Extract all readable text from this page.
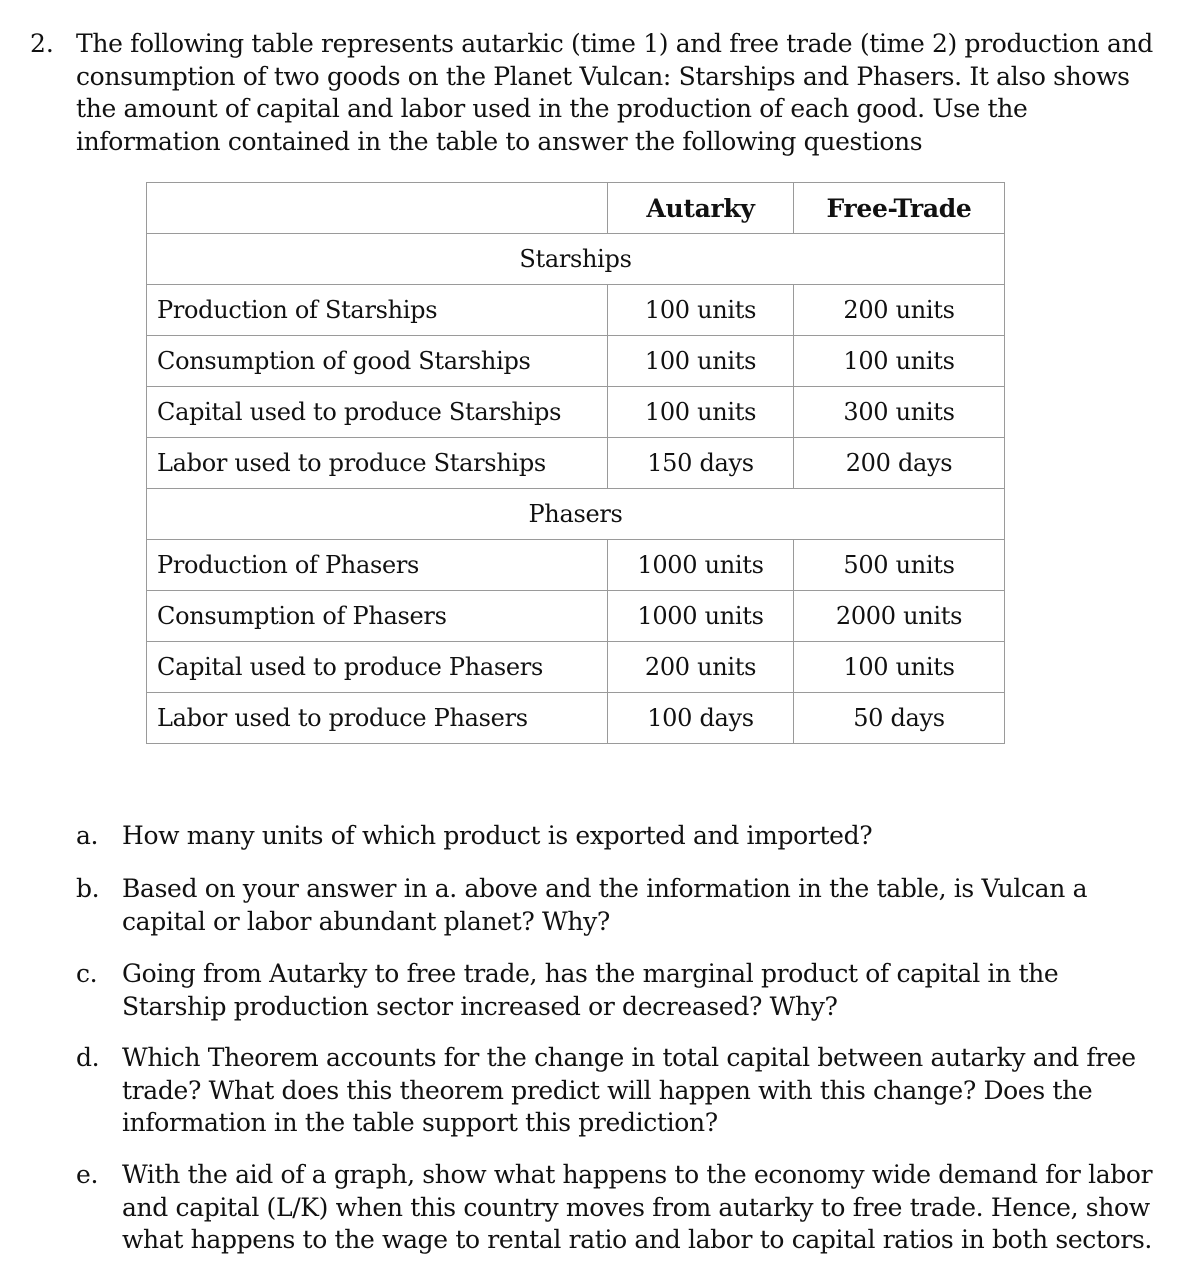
2. The following table represents autarkic (time 1) and free trade (time 2) production and consumption of two goods on the Planet Vulcan: Starships and Phasers. It also shows the amount of capital and labor used in the production of each good. Use the information contained in the table to answer the following questions
	Autarky	Free-Trade
Starships		
Production of Starships	100 units	200 units
Consumption of good Starships	100 units	100 units
Capital used to produce Starships	100 units	300 units
Labor used to produce Starships	150 days	200 days
Phasers		
Production of Phasers	1000 units	500 units
Consumption of Phasers	1000 units	2000 units
Capital used to produce Phasers	200 units	100 units
Labor used to produce Phasers	100 days	50 days
a. How many units of which product is exported and imported?
b. Based on your answer in a. above and the information in the table, is Vulcan a capital or labor abundant planet? Why?
c. Going from Autarky to free trade, has the marginal product of capital in the Starship production sector increased or decreased? Why?
d. Which Theorem accounts for the change in total capital between autarky and free trade? What does this theorem predict will happen with this change? Does the information in the table support this prediction?
e. With the aid of a graph, show what happens to the economy wide demand for labor and capital (L/K) when this country moves from autarky to free trade. Hence, show what happens to the wage to rental ratio and labor to capital ratios in both sectors.
